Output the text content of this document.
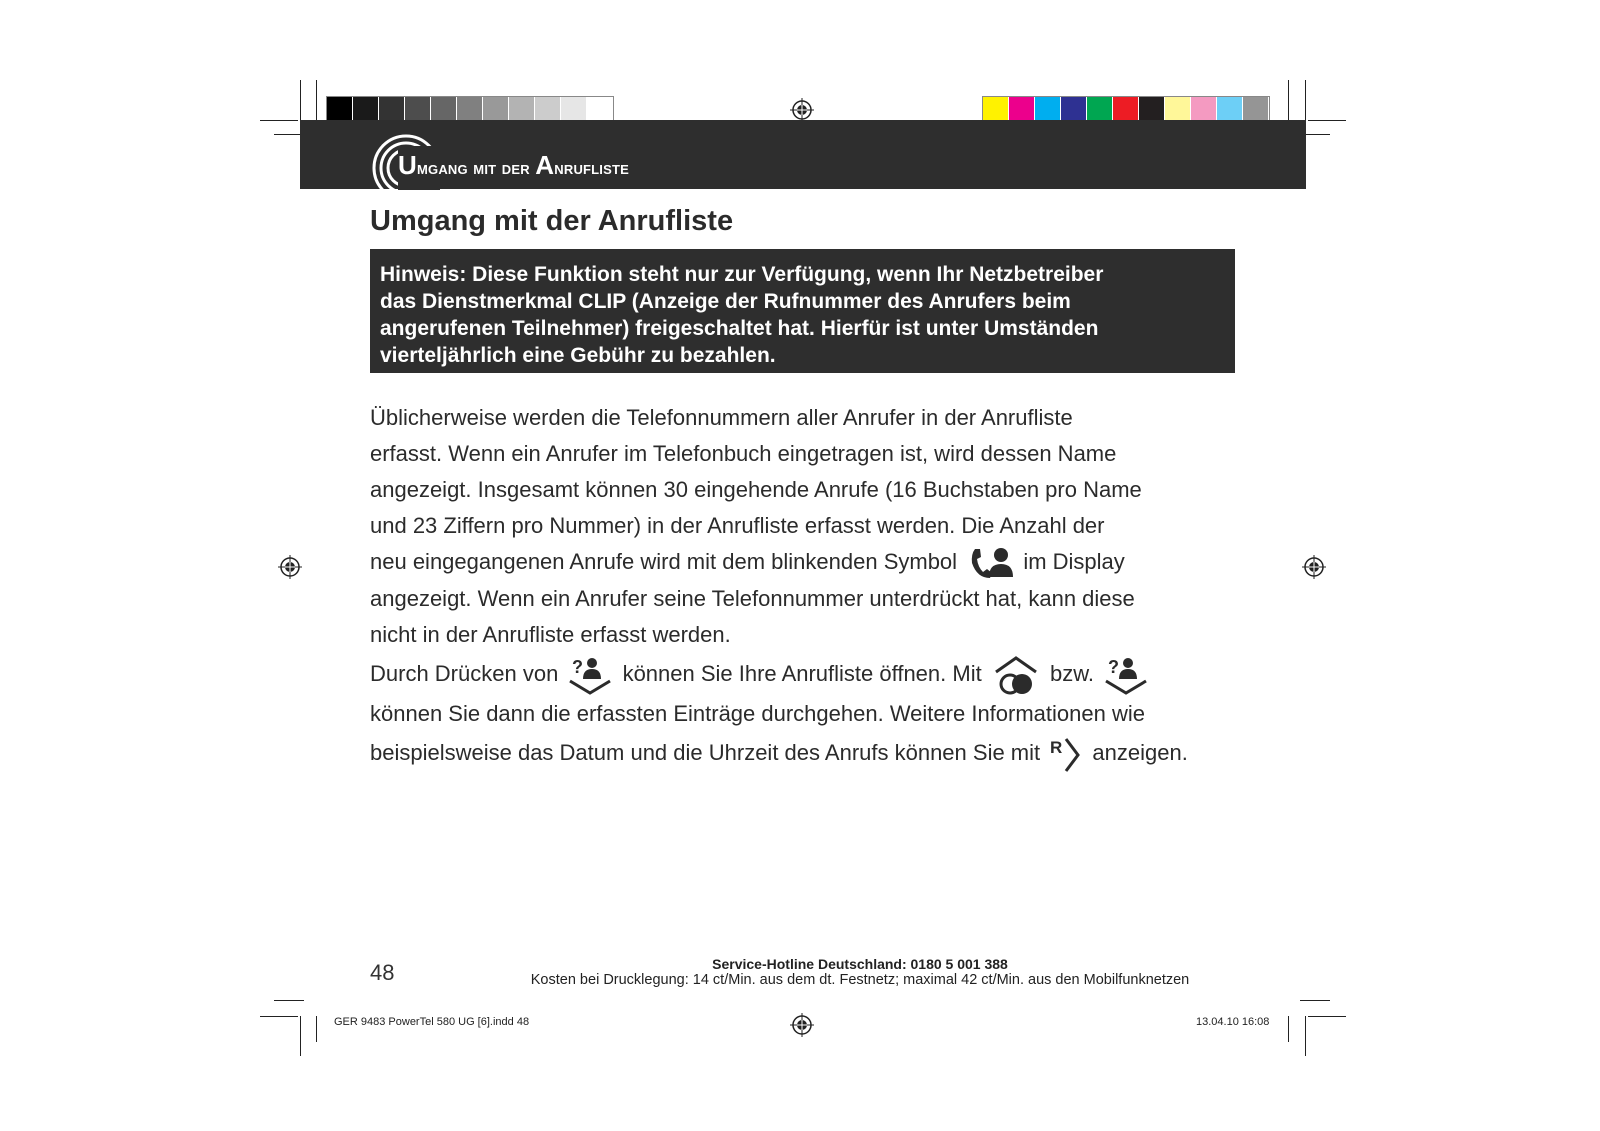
Umgang mit der Anrufliste
Umgang mit der Anrufliste

Hinweis: Diese Funktion steht nur zur Verfügung, wenn Ihr Netzbetreiber

das Dienstmerkmal CLIP (Anzeige der Rufnummer des Anrufers beim

angerufenen Teilnehmer) freigeschaltet hat. Hierfür ist unter Umständen

vierteljährlich eine Gebühr zu bezahlen.

Üblicherweise werden die Telefonnummern aller Anrufer in der Anrufliste

erfasst. Wenn ein Anrufer im Telefonbuch eingetragen ist, wird dessen Name

angezeigt. Insgesamt können 30 eingehende Anrufe (16 Buchstaben pro Name

und 23 Ziffern pro Nummer) in der Anrufliste erfasst werden. Die Anzahl der

neu eingegangenen Anrufe wird mit dem blinkenden Symbol	im Display

angezeigt. Wenn ein Anrufer seine Telefonnummer unterdrückt hat, kann diese

nicht in der Anrufliste erfasst werden.

Durch Drücken von ? können Sie Ihre Anrufliste öffnen. Mit	bzw. ?

können Sie dann die erfassten Einträge durchgehen. Weitere Informationen wie

beispielsweise das Datum und die Uhrzeit des Anrufs können Sie mit R anzeigen.

48	Service-Hotline Deutschland: 0180 5 001 388
Kosten bei Drucklegung: 14 ct/Min. aus dem dt. Festnetz; maximal 42 ct/Min. aus den Mobilfunknetzen
GER 9483 PowerTel 580 UG [6].indd 48	13.04.10 16:08
